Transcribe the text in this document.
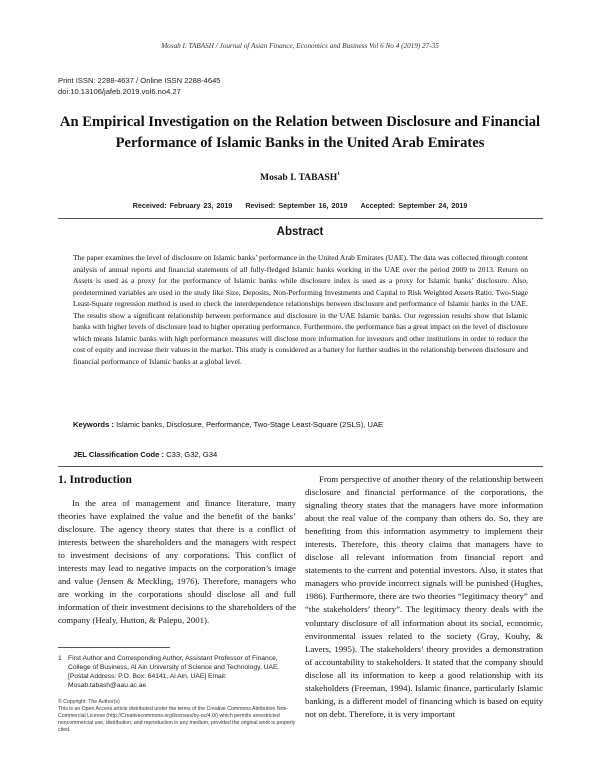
Mosab I. TABASH / Journal of Asian Finance, Economics and Business Vol 6 No 4 (2019) 27-35
Print ISSN: 2288-4637 / Online ISSN 2288-4645
doi:10.13106/jafeb.2019.vol6.no4.27
An Empirical Investigation on the Relation between Disclosure and Financial Performance of Islamic Banks in the United Arab Emirates
Mosab I. TABASH$^1$
Received: February 23, 2019 Revised: September 16, 2019 Accepted: September 24, 2019
Abstract
The paper examines the level of disclosure on Islamic banks’ performance in the United Arab Emirates (UAE). The data was collected through content analysis of annual reports and financial statements of all fully-fledged Islamic banks working in the UAE over the period 2009 to 2013. Return on Assets is used as a proxy for the performance of Islamic banks while disclosure index is used as a proxy for Islamic banks’ disclosure. Also, predetermined variables are used in the study like Size, Deposits, Non-Performing Investments and Capital to Risk Weighted Assets Ratio. Two-Stage Least-Square regression method is used to check the interdependence relationships between disclosure and performance of Islamic banks in the UAE. The results show a significant relationship between performance and disclosure in the UAE Islamic banks. Our regression results show that Islamic banks with higher levels of disclosure lead to higher operating performance. Furthermore, the performance has a great impact on the level of disclosure which means Islamic banks with high performance measures will disclose more information for investors and other institutions in order to reduce the cost of equity and increase their values in the market. This study is considered as a battery for further studies in the relationship between disclosure and financial performance of Islamic banks at a global level.
Keywords : Islamic banks, Disclosure, Performance, Two-Stage Least-Square (2SLS), UAE
JEL Classification Code : C33, G32, G34
1. Introduction

In the area of management and finance literature, many theories have explained the value and the benefit of the banks’ disclosure. The agency theory states that there is a conflict of interests between the shareholders and the managers with respect to investment decisions of any corporations. This conflict of interests may lead to negative impacts on the corporation’s image and value (Jensen & Meckling, 1976). Therefore, managers who are working in the corporations should disclose all and full information of their investment decisions to the shareholders of the company (Healy, Hutton, & Palepu, 2001).

From perspective of another theory of the relationship between disclosure and financial performance of the corporations, the signaling theory states that the managers have more information about the real value of the company than others do. So, they are benefiting from this information asymmetry to implement their interests. Therefore, this theory claims that managers have to disclose all relevant information from financial report and statements to the current and potential investors. Also, it states that managers who provide incorrect signals will be punished (Hughes, 1986). Furthermore, there are two theories “legitimacy theory” and “the stakeholders’ theory”. The legitimacy theory deals with the voluntary disclosure of all information about its social, economic, environmental issues related to the society (Gray, Kouhy, & Lavers, 1995). The stakeholders’ theory provides a demonstration of accountability to stakeholders. It stated that the company should disclose all its information to keep a good relationship with its stakeholders (Freeman, 1994). Islamic finance, particularly Islamic banking, is a different model of financing which is based on equity not on debt. Therefore, it is very important

1 First Author and Corresponding Author, Assistant Professor of Finance, College of Business, Al Ain University of Science and Technology, UAE. [Postal Address: P.O. Box: 64141, Al Ain, UAE] Email: Mosab.tabash@aau.ac.ae
© Copyright: The Author(s)
This is an Open Access article distributed under the terms of the Creative Commons Attribution Non-Commercial License (http://Creativecommons.org/licenses/by-nc/4.0/) which permits unrestricted noncommercial use, distribution, and reproduction in any medium, provided the original work is properly cited.
